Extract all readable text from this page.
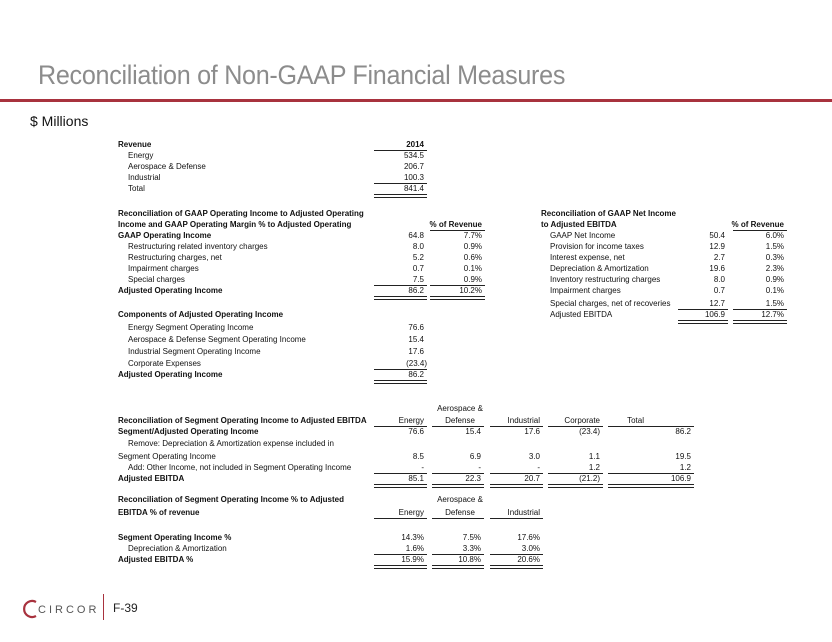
Reconciliation of Non-GAAP Financial Measures
$ Millions
Revenue	2014
Energy	534.5
Aerospace & Defense	206.7
Industrial	100.3
Total	841.4
Reconciliation of GAAP Operating Income to Adjusted Operating
Income and GAAP Operating Margin % to Adjusted Operating	% of Revenue
GAAP Operating Income	64.8	7.7%
Restructuring related inventory charges	8.0	0.9%
Restructuring charges, net	5.2	0.6%
Impairment charges	0.7	0.1%
Special charges	7.5	0.9%
Adjusted Operating Income	86.2	10.2%
Components of Adjusted Operating Income
Energy Segment Operating Income	76.6
Aerospace & Defense Segment Operating Income	15.4
Industrial Segment Operating Income	17.6
Corporate Expenses	(23.4)
Adjusted Operating Income	86.2
Reconciliation of GAAP Net Income
to Adjusted EBITDA	% of Revenue
GAAP Net Income	50.4	6.0%
Provision for income taxes	12.9	1.5%
Interest expense, net	2.7	0.3%
Depreciation & Amortization	19.6	2.3%
Inventory restructuring charges	8.0	0.9%
Impairment charges	0.7	0.1%
Special charges, net of recoveries	12.7	1.5%
Adjusted EBITDA	106.9	12.7%
Aerospace &
Reconciliation of Segment Operating Income to Adjusted EBITDA	Energy	Defense	Industrial	Corporate	Total
Segment/Adjusted Operating Income	76.6	15.4	17.6	(23.4)	86.2
Remove: Depreciation & Amortization expense included in
Segment Operating Income	8.5	6.9	3.0	1.1	19.5
Add: Other Income, not included in Segment Operating Income	-	-	-	1.2	1.2
Adjusted EBITDA	85.1	22.3	20.7	(21.2)	106.9
Reconciliation of Segment Operating Income % to Adjusted	Aerospace &
EBITDA % of revenue	Energy	Defense	Industrial
Segment Operating Income %	14.3%	7.5%	17.6%
Depreciation & Amortization	1.6%	3.3%	3.0%
Adjusted EBITDA %	15.9%	10.8%	20.6%
CIRCOR F-39
